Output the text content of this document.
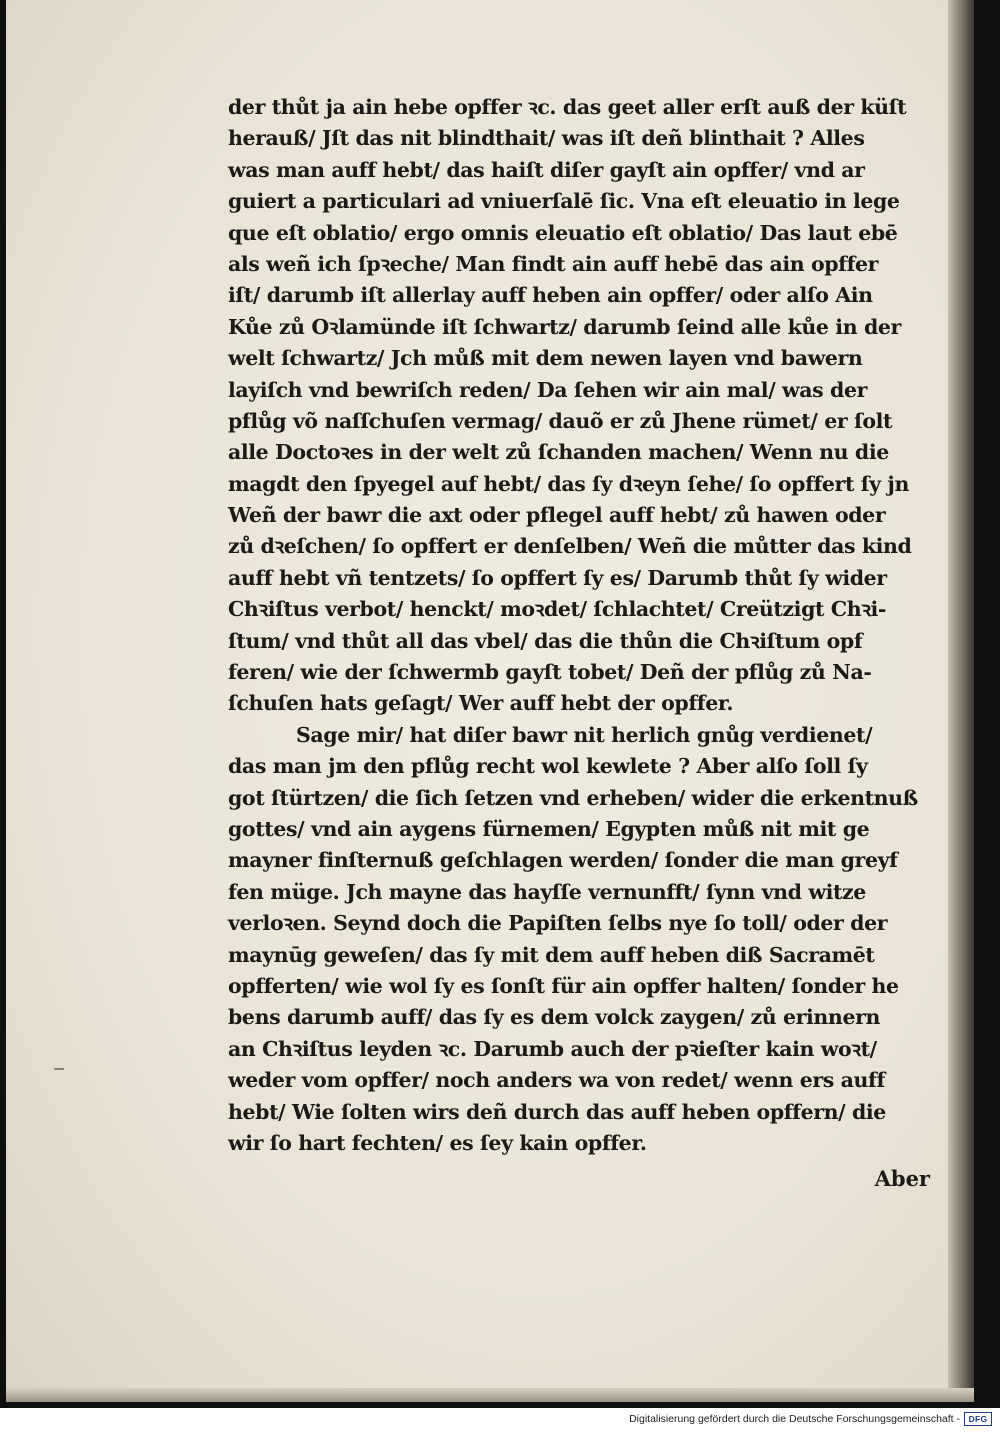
der thůt ja ain hebe opffer ꝛc. das geet aller erſt auß der küſt
herauß/ Jſt das nit blindthait/ was iſt deñ blinthait ? Alles
was man auff hebt/ das haiſt diſer gayſt ain opffer/ vnd ar
guiert a particulari ad vniuerſalē ſic. Vna eſt eleuatio in lege
que eſt oblatio/ ergo omnis eleuatio eſt oblatio/ Das laut ebē
als weñ ich ſpꝛeche/ Man findt ain auff hebē das ain opffer
iſt/ darumb iſt allerlay auff heben ain opffer/ oder alſo Ain
Kůe zů Oꝛlamünde iſt ſchwartz/ darumb ſeind alle kůe in der
welt ſchwartz/ Jch můß mit dem newen layen vnd bawern
layiſch vnd bewriſch reden/ Da ſehen wir ain mal/ was der
pflůg võ naſſchuſen vermag/ dauõ er zů Jhene rümet/ er ſolt
alle Doctoꝛes in der welt zů ſchanden machen/ Wenn nu die
magdt den ſpyegel auf hebt/ das ſy dꝛeyn ſehe/ ſo opffert ſy jn
Weñ der bawr die axt oder pflegel auff hebt/ zů hawen oder
zů dꝛeſchen/ ſo opffert er denſelben/ Weñ die můtter das kind
auff hebt vñ tentzets/ ſo opffert ſy es/ Darumb thůt ſy wider
Chꝛiſtus verbot/ henckt/ moꝛdet/ ſchlachtet/ Creützigt Chꝛi-
ſtum/ vnd thůt all das vbel/ das die thůn die Chꝛiſtum opf
feren/ wie der ſchwermb gayſt tobet/ Deñ der pflůg zů Na-
ſchuſen hats geſagt/ Wer auff hebt der opffer.
Sage mir/ hat diſer bawr nit herlich gnůg verdienet/
das man jm den pflůg recht wol kewlete ? Aber alſo ſoll ſy
got ſtürtzen/ die ſich ſetzen vnd erheben/ wider die erkentnuß
gottes/ vnd ain aygens fürnemen/ Egypten můß nit mit ge
mayner finſternuß geſchlagen werden/ ſonder die man greyf
fen müge. Jch mayne das hayſſe vernunfft/ ſynn vnd witze
verloꝛen. Seynd doch die Papiſten ſelbs nye ſo toll/ oder der
maynūg geweſen/ das ſy mit dem auff heben diß Sacramēt
opfferten/ wie wol ſy es ſonſt für ain opffer halten/ ſonder he
bens darumb auff/ das ſy es dem volck zaygen/ zů erinnern
an Chꝛiſtus leyden ꝛc. Darumb auch der pꝛieſter kain woꝛt/
weder vom opffer/ noch anders wa von redet/ wenn ers auff
hebt/ Wie ſolten wirs deñ durch das auff heben opffern/ die
wir ſo hart fechten/ es ſey kain opffer.
Aber
Digitalisierung gefördert durch die Deutsche Forschungsgemeinschaft -	DFG
